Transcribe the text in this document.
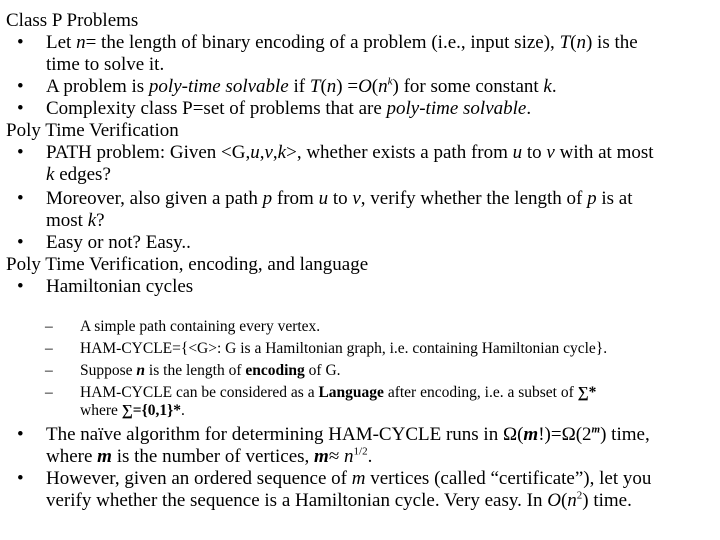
Class P Problems
• Let n= the length of binary encoding of a problem (i.e., input size), T(n) is the
time to solve it.
• A problem is poly-time solvable if $T(n) =O(n^k)$ for some constant k.
• Complexity class P=set of problems that are poly-time solvable.
Poly Time Verification
• PATH problem: Given <G,u,v,k>, whether exists a path from u to v with at most
k edges?
• Moreover, also given a path p from u to v, verify whether the length of p is at
most k?
• Easy or not? Easy..
Poly Time Verification, encoding, and language
• Hamiltonian cycles
– A simple path containing every vertex.
– HAM-CYCLE={<G>: G is a Hamiltonian graph, i.e. containing Hamiltonian cycle}.
– Suppose n is the length of encoding of G.
– HAM-CYCLE can be considered as a Language after encoding, i.e. a subset of ∑*
where ∑={0,1}*.
• The naïve algorithm for determining HAM-CYCLE runs in $\Omega(m!)=\Omega(2^m)$ time,
where m is the number of vertices, $m\approx n^{1/2}$.
• However, given an ordered sequence of m vertices (called “certificate”), let you
verify whether the sequence is a Hamiltonian cycle. Very easy. In $O(n^2)$ time.
